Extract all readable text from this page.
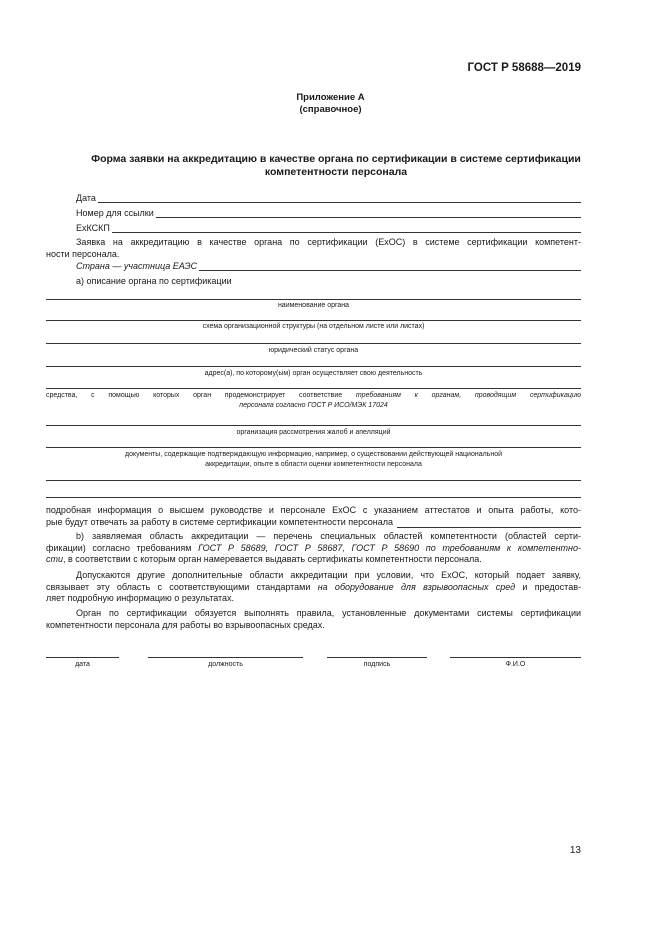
ГОСТ Р 58688—2019
Приложение А
(справочное)
Форма заявки на аккредитацию в качестве органа по сертификации в системе сертификации
компетентности персонала
Дата
Номер для ссылки
ЕхКСКП
Заявка на аккредитацию в качестве органа по сертификации (ЕхОС) в системе сертификации компетент-
ности персонала.
Страна — участница ЕАЭС
а) описание органа по сертификации
наименование органа
схема организационной структуры (на отдельном листе или листах)
юридический статус органа
адрес(а), по которому(ым) орган осуществляет свою деятельность
средства, с помощью которых орган продемонстрирует соответствие требованиям к органам, проводящим сертификацию
персонала согласно ГОСТ Р ИСО/МЭК 17024
организация рассмотрения жалоб и апелляций
документы, содержащие подтверждающую информацию, например, о существовании действующей национальной
аккредитации, опыте в области оценки компетентности персонала
подробная информация о высшем руководстве и персонале ЕхОС с указанием аттестатов и опыта работы, кото-
рые будут отвечать за работу в системе сертификации компетентности персонала
b) заявляемая область аккредитации — перечень специальных областей компетентности (областей серти-
фикации) согласно требованиям ГОСТ Р 58689, ГОСТ Р 58687, ГОСТ Р 58690 по требованиям к компетентно-
сти, в соответствии с которым орган намеревается выдавать сертификаты компетентности персонала.
Допускаются другие дополнительные области аккредитации при условии, что ЕхОС, который подает заявку,
связывает эту область с соответствующими стандартами на оборудование для взрывоопасных сред и предостав-
ляет подробную информацию о результатах.
Орган по сертификации обязуется выполнять правила, установленные документами системы сертификации
компетентности персонала для работы во взрывоопасных средах.
дата	должность	подпись	Ф.И.О
13
